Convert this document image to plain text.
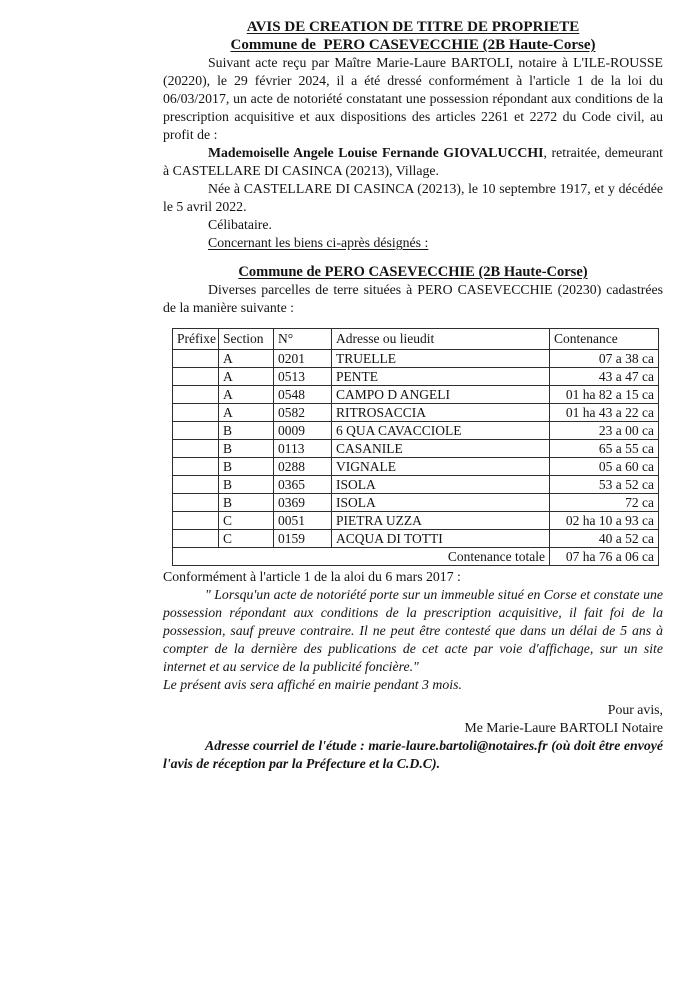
AVIS DE CREATION DE TITRE DE PROPRIETE
Commune de  PERO CASEVECCHIE (2B Haute-Corse)

Suivant acte reçu par Maître Marie-Laure BARTOLI, notaire à L'ILE-ROUSSE (20220), le 29 février 2024, il a été dressé conformément à l'article 1 de la loi du 06/03/2017, un acte de notoriété constatant une possession répondant aux conditions de la prescription acquisitive et aux dispositions des articles 2261 et 2272 du Code civil, au profit de :

Mademoiselle Angele Louise Fernande GIOVALUCCHI, retraitée, demeurant à CASTELLARE DI CASINCA (20213), Village.

Née à CASTELLARE DI CASINCA (20213), le 10 septembre 1917, et y décédée le 5 avril 2022.

Célibataire.

Concernant les biens ci-après désignés :

Commune de PERO CASEVECCHIE (2B Haute-Corse)

Diverses parcelles de terre situées à PERO CASEVECCHIE (20230) cadastrées de la manière suivante :

Préfixe	Section	N°	Adresse ou lieudit	Contenance
	A	0201	TRUELLE	07 a 38 ca
	A	0513	PENTE	43 a 47 ca
	A	0548	CAMPO D ANGELI	01 ha 82 a 15 ca
	A	0582	RITROSACCIA	01 ha 43 a 22 ca
	B	0009	6 QUA CAVACCIOLE	23 a 00 ca
	B	0113	CASANILE	65 a 55 ca
	B	0288	VIGNALE	05 a 60 ca
	B	0365	ISOLA	53 a 52 ca
	B	0369	ISOLA	72 ca
	C	0051	PIETRA UZZA	02 ha 10 a 93 ca
	C	0159	ACQUA DI TOTTI	40 a 52 ca
Contenance totale				07 ha 76 a 06 ca

Conformément à l'article 1 de la aloi du 6 mars 2017 :

" Lorsqu'un acte de notoriété porte sur un immeuble situé en Corse et constate une possession répondant aux conditions de la prescription acquisitive, il fait foi de la possession, sauf preuve contraire. Il ne peut être contesté que dans un délai de 5 ans à compter de la dernière des publications de cet acte par voie d'affichage, sur un site internet et au service de la publicité foncière."

Le présent avis sera affiché en mairie pendant 3 mois.

Pour avis,
Me Marie-Laure BARTOLI Notaire

Adresse courriel de l'étude : marie-laure.bartoli@notaires.fr (où doit être envoyé l'avis de réception par la Préfecture et la C.D.C).
